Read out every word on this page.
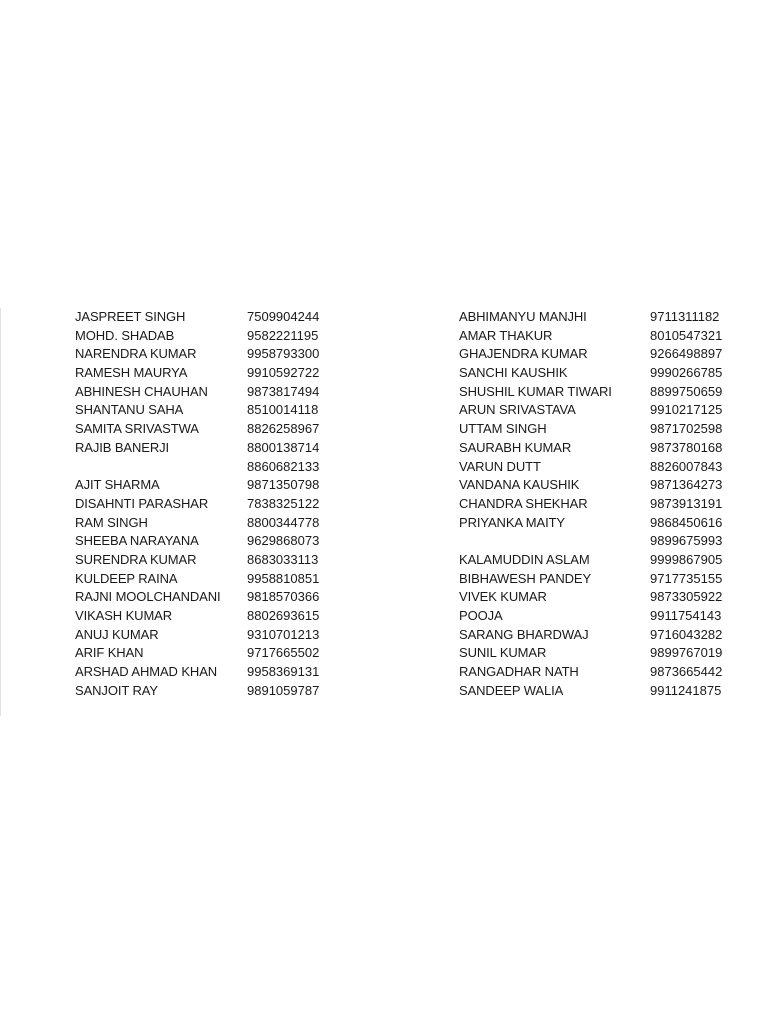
JASPREET SINGH	7509904244
MOHD. SHADAB	9582221195
NARENDRA KUMAR	9958793300
RAMESH MAURYA	9910592722
ABHINESH CHAUHAN	9873817494
SHANTANU SAHA	8510014118
SAMITA SRIVASTWA	8826258967
RAJIB BANERJI	8800138714
8860682133
AJIT SHARMA	9871350798
DISAHNTI PARASHAR	7838325122
RAM SINGH	8800344778
SHEEBA NARAYANA	9629868073
SURENDRA KUMAR	8683033113
KULDEEP RAINA	9958810851
RAJNI MOOLCHANDANI 9818570366
VIKASH KUMAR	8802693615
ANUJ KUMAR	9310701213
ARIF KHAN	9717665502
ARSHAD AHMAD KHAN 9958369131
SANJOIT RAY	9891059787
ABHIMANYU MANJHI	9711311182
AMAR THAKUR	8010547321
GHAJENDRA KUMAR	9266498897
SANCHI KAUSHIK	9990266785
SHUSHIL KUMAR TIWARI	8899750659
ARUN SRIVASTAVA	9910217125
UTTAM SINGH	9871702598
SAURABH KUMAR	9873780168
VARUN DUTT	8826007843
VANDANA KAUSHIK	9871364273
CHANDRA SHEKHAR	9873913191
PRIYANKA MAITY	9868450616
9899675993
KALAMUDDIN ASLAM	9999867905
BIBHAWESH PANDEY	9717735155
VIVEK KUMAR	9873305922
POOJA	9911754143
SARANG BHARDWAJ	9716043282
SUNIL KUMAR	9899767019
RANGADHAR NATH	9873665442
SANDEEP WALIA	9911241875
